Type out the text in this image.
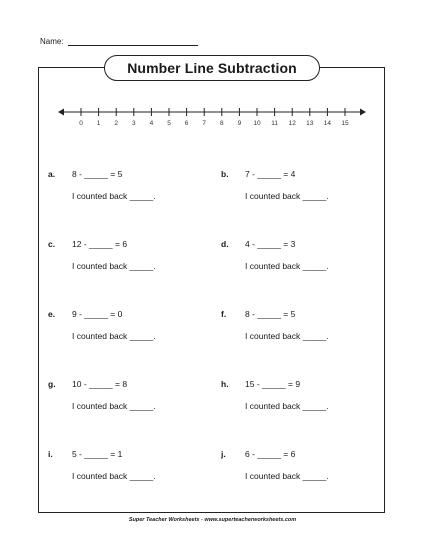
Name:
Number Line Subtraction
0 1 2 3 4 5 6 7 8 9 10 11 12 13 14 15
a. 8 - _____ = 5
I counted back _____.
b. 7 - _____ = 4
I counted back _____.
c. 12 - _____ = 6
I counted back _____.
d. 4 - _____ = 3
I counted back _____.
e. 9 - _____ = 0
I counted back _____.
f. 8 - _____ = 5
I counted back _____.
g. 10 - _____ = 8
I counted back _____.
h. 15 - _____ = 9
I counted back _____.
i. 5 - _____ = 1
I counted back _____.
j. 6 - _____ = 6
I counted back _____.
Super Teacher Worksheets - www.superteacherworksheets.com
